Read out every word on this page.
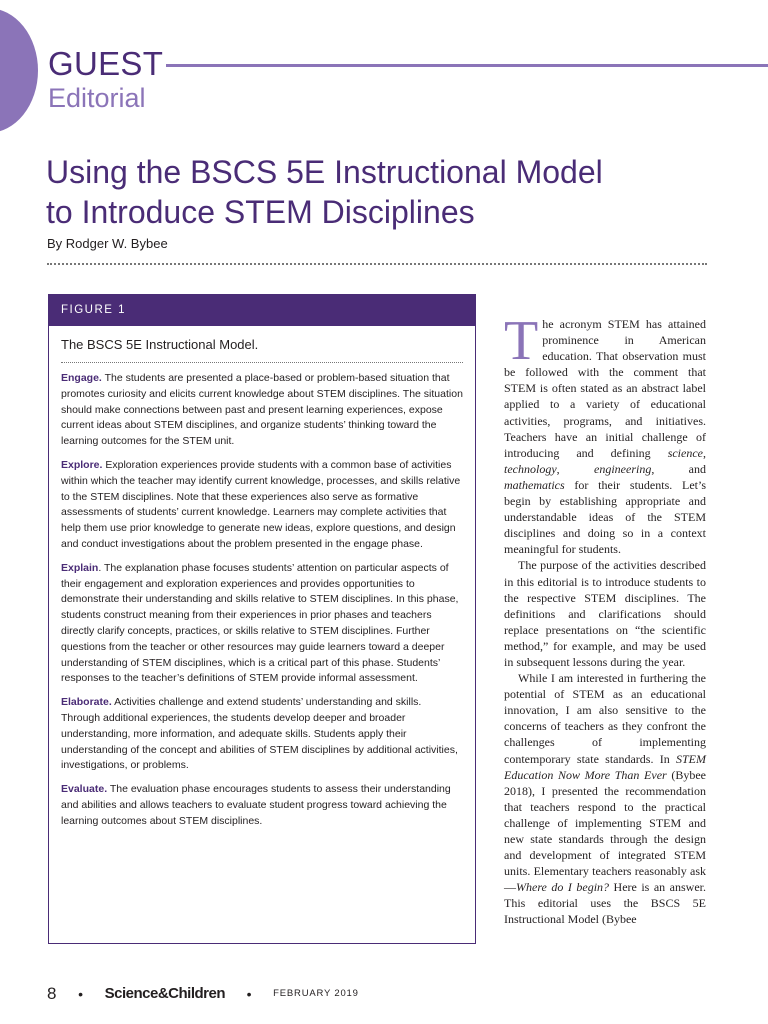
GUEST
Editorial
Using the BSCS 5E Instructional Model
to Introduce STEM Disciplines
By Rodger W. Bybee
FIGURE 1
The BSCS 5E Instructional Model.
Engage. The students are presented a place-based or problem-based situation that promotes curiosity and elicits current knowledge about STEM disciplines. The situation should make connections between past and present learning experiences, expose current ideas about STEM disciplines, and organize students’ thinking toward the learning outcomes for the STEM unit.
Explore. Exploration experiences provide students with a common base of activities within which the teacher may identify current knowledge, processes, and skills relative to the STEM disciplines. Note that these experiences also serve as formative assessments of students’ current knowledge. Learners may complete activities that help them use prior knowledge to generate new ideas, explore questions, and design and conduct investigations about the problem presented in the engage phase.
Explain. The explanation phase focuses students’ attention on particular aspects of their engagement and exploration experiences and provides opportunities to demonstrate their understanding and skills relative to STEM disciplines. In this phase, students construct meaning from their experiences in prior phases and teachers directly clarify concepts, practices, or skills relative to STEM disciplines. Further questions from the teacher or other resources may guide learners toward a deeper understanding of STEM disciplines, which is a critical part of this phase. Students’ responses to the teacher’s definitions of STEM provide informal assessment.
Elaborate. Activities challenge and extend students’ understanding and skills. Through additional experiences, the students develop deeper and broader understanding, more information, and adequate skills. Students apply their understanding of the concept and abilities of STEM disciplines by additional activities, investigations, or problems.
Evaluate. The evaluation phase encourages students to assess their understanding and abilities and allows teachers to evaluate student progress toward achieving the learning outcomes about STEM disciplines.

The acronym STEM has attained prominence in American education. That observation must be followed with the comment that STEM is often stated as an abstract label applied to a variety of educational activities, programs, and initiatives. Teachers have an initial challenge of introducing and defining science, technology, engineering, and mathematics for their students. Let’s begin by establishing appropriate and understandable ideas of the STEM disciplines and doing so in a context meaningful for students.

The purpose of the activities described in this editorial is to introduce students to the respective STEM disciplines. The definitions and clarifications should replace presentations on “the scientific method,” for example, and may be used in subsequent lessons during the year.

While I am interested in furthering the potential of STEM as an educational innovation, I am also sensitive to the concerns of teachers as they confront the challenges of implementing contemporary state standards. In STEM Education Now More Than Ever (Bybee 2018), I presented the recommendation that teachers respond to the practical challenge of implementing STEM and new state standards through the design and development of integrated STEM units. Elementary teachers reasonably ask—Where do I begin? Here is an answer. This editorial uses the BSCS 5E Instructional Model (Bybee

8 • Science&Children • FEBRUARY 2019
